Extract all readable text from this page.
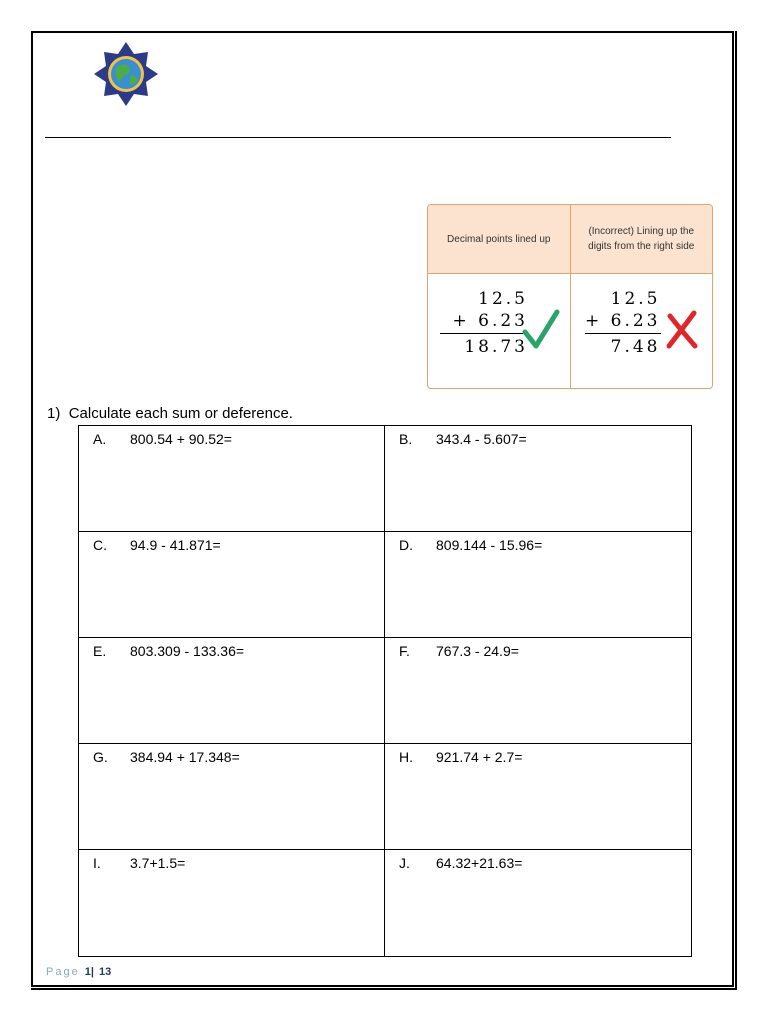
Decimal points lined up
(Incorrect) Lining up the digits from the right side
12.5
+ 6.23
18.73
12.5
+ 6.23
7.48
1) Calculate each sum or deference.
A. 800.54 + 90.52=	B. 343.4 - 5.607=
C. 94.9 - 41.871=	D. 809.144 - 15.96=
E. 803.309 - 133.36=	F. 767.3 - 24.9=
G. 384.94 + 17.348=	H. 921.74 + 2.7=
I. 3.7+1.5=	J. 64.32+21.63=
Page 1| 13
